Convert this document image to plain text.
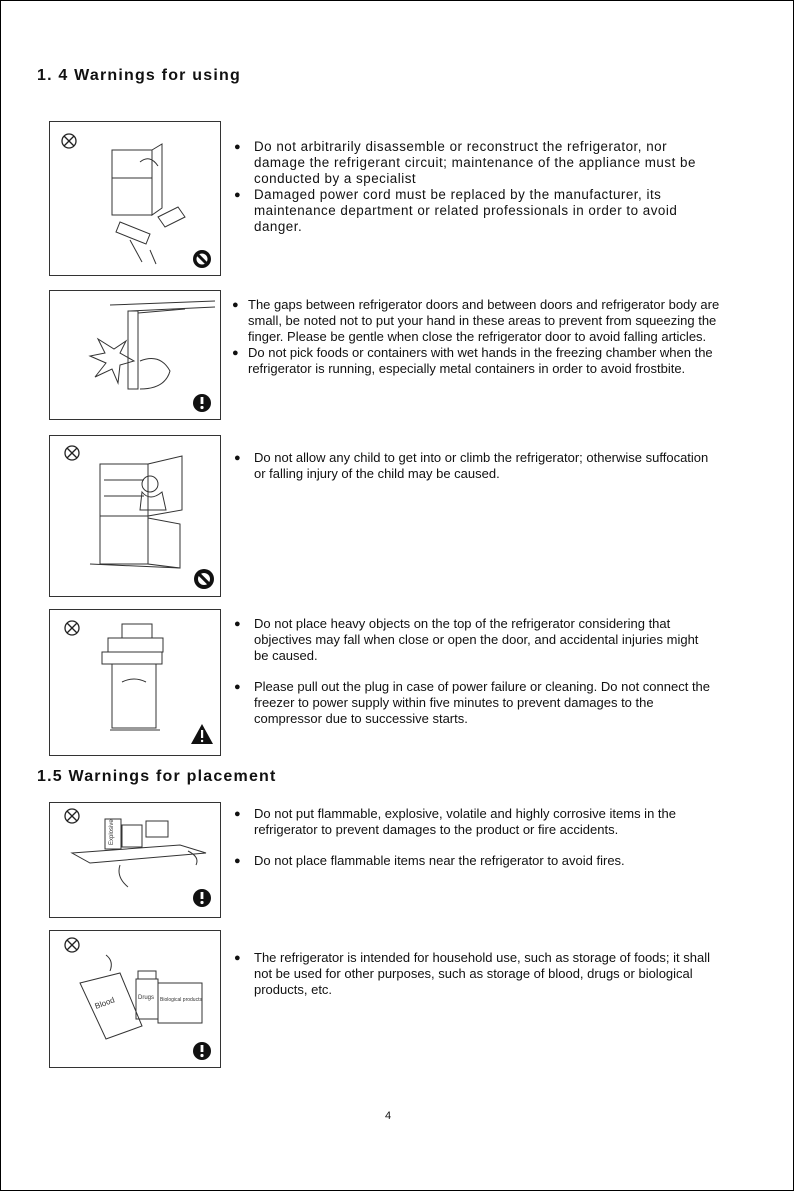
1. 4 Warnings for using
● Do not arbitrarily disassemble or reconstruct the refrigerator, nor damage the refrigerant circuit; maintenance of the appliance must be conducted by a specialist
● Damaged power cord must be replaced by the manufacturer, its maintenance department or related professionals in order to avoid danger.
● The gaps between refrigerator doors and between doors and refrigerator body are small, be noted not to put your hand in these areas to prevent from squeezing the finger. Please be gentle when close the refrigerator door to avoid falling articles.
● Do not pick foods or containers with wet hands in the freezing chamber when the refrigerator is running, especially metal containers in order to avoid frostbite.
● Do not allow any child to get into or climb the refrigerator; otherwise suffocation or falling injury of the child may be caused.
● Do not place heavy objects on the top of the refrigerator considering that objectives may fall when close or open the door, and accidental injuries might be caused.
● Please pull out the plug in case of power failure or cleaning. Do not connect the freezer to power supply within five minutes to prevent damages to the compressor due to successive starts.
1.5 Warnings for placement
Explosive
● Do not put flammable, explosive, volatile and highly corrosive items in the refrigerator to prevent damages to the product or fire accidents.
● Do not place flammable items near the refrigerator to avoid fires.
Blood	Drugs Biological products
● The refrigerator is intended for household use, such as storage of foods; it shall not be used for other purposes, such as storage of blood, drugs or biological products, etc.
4
